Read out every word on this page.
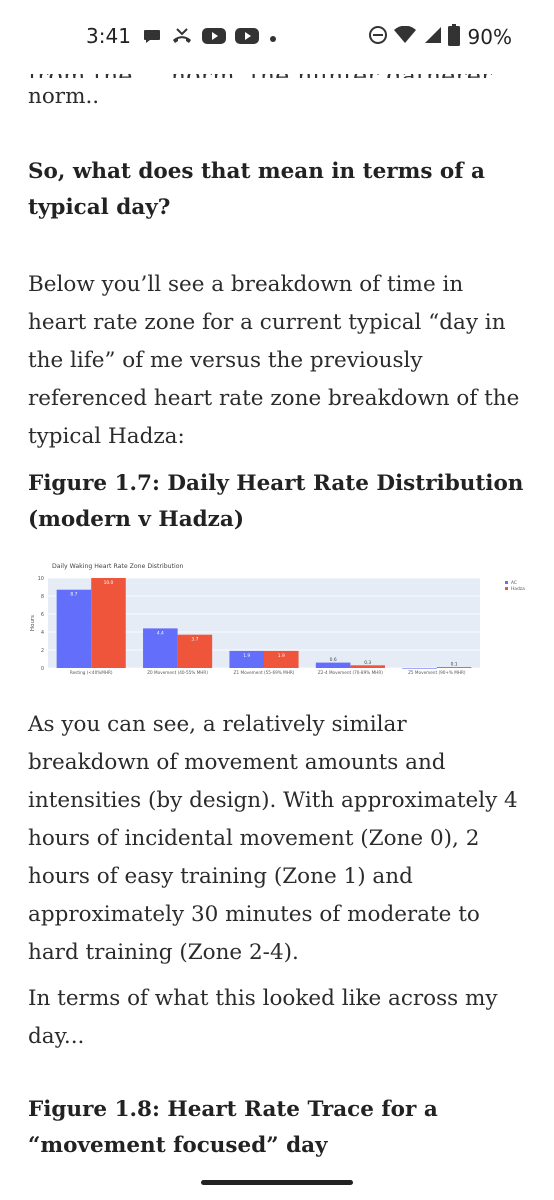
3:41	90%

norm..

So, what does that mean in terms of a typical day?

Below you’ll see a breakdown of time in heart rate zone for a current typical “day in the life” of me versus the previously referenced heart rate zone breakdown of the typical Hadza:

Figure 1.7: Daily Heart Rate Distribution (modern v Hadza)
Daily Waking Heart Rate Zone Distribution
0
2
4
6
8
10
Hours
8.7
10.0
Resting (<40%MHR)
4.4
3.7
Z0 Movement (40-55% MHR)
1.9	1.9
Z1 Movement (55-69% MHR)
0.6
0.3
Z2-4 Movement (70-89% MHR)
0.1
Z5 Movement (90+% MHR)
AC
Hadza

As you can see, a relatively similar breakdown of movement amounts and intensities (by design). With approximately 4 hours of incidental movement (Zone 0), 2 hours of easy training (Zone 1) and approximately 30 minutes of moderate to hard training (Zone 2-4).

In terms of what this looked like across my day...

Figure 1.8: Heart Rate Trace for a “movement focused” day
